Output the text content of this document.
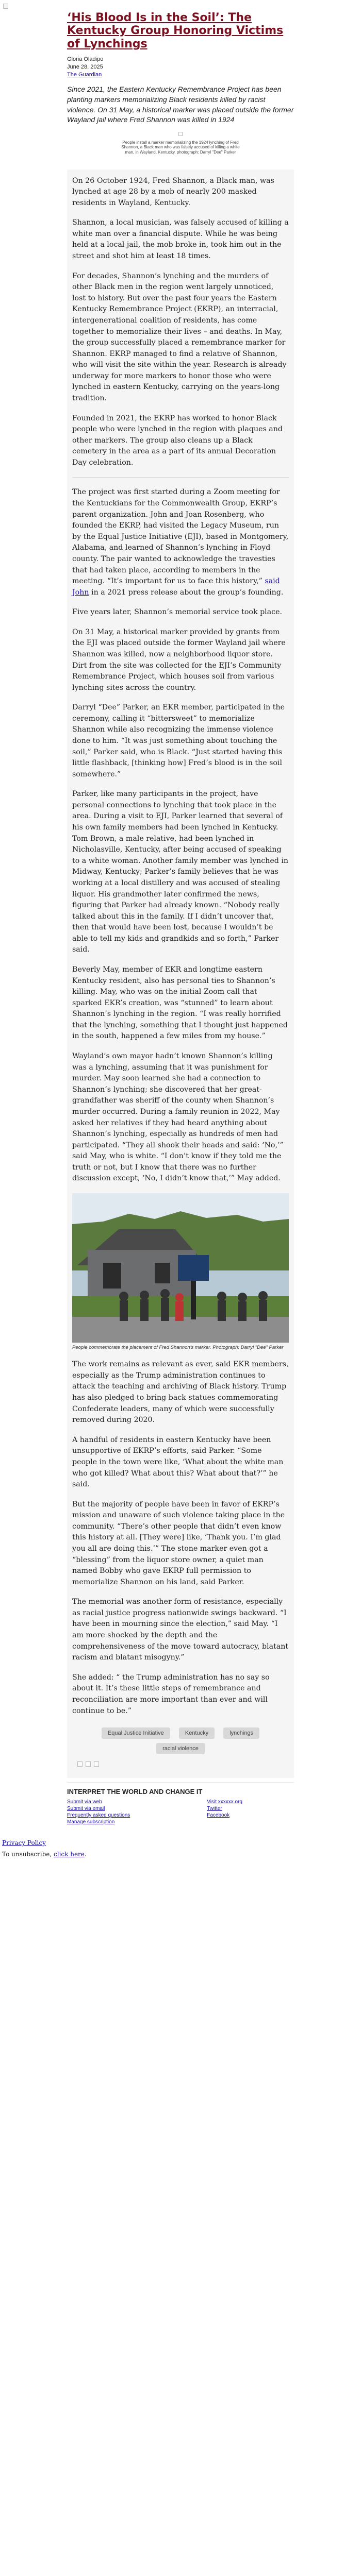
‘His Blood Is in the Soil’: The Kentucky Group Honoring Victims of Lynchings
Gloria Oladipo
June 28, 2025
The Guardian
Since 2021, the Eastern Kentucky Remembrance Project has been planting markers memorializing Black residents killed by racist violence. On 31 May, a historical marker was placed outside the former Wayland jail where Fred Shannon was killed in 1924
People install a marker memorializing the 1924 lynching of Fred Shannon, a Black man who was falsely accused of killing a white man, in Wayland, Kentucky. photograph: Darryl "Dee" Parker

On 26 October 1924, Fred Shannon, a Black man, was lynched at age 28 by a mob of nearly 200 masked residents in Wayland, Kentucky.

Shannon, a local musician, was falsely accused of killing a white man over a financial dispute. While he was being held at a local jail, the mob broke in, took him out in the street and shot him at least 18 times.

For decades, Shannon’s lynching and the murders of other Black men in the region went largely unnoticed, lost to history. But over the past four years the Eastern Kentucky Remembrance Project (EKRP), an interracial, intergenerational coalition of residents, has come together to memorialize their lives – and deaths. In May, the group successfully placed a remembrance marker for Shannon. EKRP managed to find a relative of Shannon, who will visit the site within the year. Research is already underway for more markers to honor those who were lynched in eastern Kentucky, carrying on the years-long tradition.

Founded in 2021, the EKRP has worked to honor Black people who were lynched in the region with plaques and other markers. The group also cleans up a Black cemetery in the area as a part of its annual Decoration Day celebration.

The project was first started during a Zoom meeting for the Kentuckians for the Commonwealth Group, EKRP’s parent organization. John and Joan Rosenberg, who founded the EKRP, had visited the Legacy Museum, run by the Equal Justice Initiative (EJI), based in Montgomery, Alabama, and learned of Shannon’s lynching in Floyd county. The pair wanted to acknowledge the travesties that had taken place, according to members in the meeting. “It’s important for us to face this history,” said John in a 2021 press release about the group’s founding.

Five years later, Shannon’s memorial service took place.

On 31 May, a historical marker provided by grants from the EJI was placed outside the former Wayland jail where Shannon was killed, now a neighborhood liquor store. Dirt from the site was collected for the EJI’s Community Remembrance Project, which houses soil from various lynching sites across the country.

Darryl “Dee” Parker, an EKR member, participated in the ceremony, calling it “bittersweet” to memorialize Shannon while also recognizing the immense violence done to him. “It was just something about touching the soil,” Parker said, who is Black. “Just started having this little flashback, [thinking how] Fred’s blood is in the soil somewhere.”

Parker, like many participants in the project, have personal connections to lynching that took place in the area. During a visit to EJI, Parker learned that several of his own family members had been lynched in Kentucky. Tom Brown, a male relative, had been lynched in Nicholasville, Kentucky, after being accused of speaking to a white woman. Another family member was lynched in Midway, Kentucky; Parker’s family believes that he was working at a local distillery and was accused of stealing liquor. His grandmother later confirmed the news, figuring that Parker had already known. “Nobody really talked about this in the family. If I didn’t uncover that, then that would have been lost, because I wouldn’t be able to tell my kids and grandkids and so forth,” Parker said.

Beverly May, member of EKR and longtime eastern Kentucky resident, also has personal ties to Shannon’s killing. May, who was on the initial Zoom call that sparked EKR’s creation, was “stunned” to learn about Shannon’s lynching in the region. “I was really horrified that the lynching, something that I thought just happened in the south, happened a few miles from my house.”

Wayland’s own mayor hadn’t known Shannon’s killing was a lynching, assuming that it was punishment for murder. May soon learned she had a connection to Shannon’s lynching; she discovered that her great-grandfather was sheriff of the county when Shannon’s murder occurred. During a family reunion in 2022, May asked her relatives if they had heard anything about Shannon’s lynching, especially as hundreds of men had participated. “They all shook their heads and said: ‘No,’” said May, who is white. “I don’t know if they told me the truth or not, but I know that there was no further discussion except, ‘No, I didn’t know that,’” May added.

People commemorate the placement of Fred Shannon's marker. Photograph: Darryl "Dee" Parker

The work remains as relevant as ever, said EKR members, especially as the Trump administration continues to attack the teaching and archiving of Black history. Trump has also pledged to bring back statues commemorating Confederate leaders, many of which were successfully removed during 2020.

A handful of residents in eastern Kentucky have been unsupportive of EKRP’s efforts, said Parker. “Some people in the town were like, ‘What about the white man who got killed? What about this? What about that?’” he said.

But the majority of people have been in favor of EKRP’s mission and unaware of such violence taking place in the community. “There’s other people that didn’t even know this history at all. [They were] like, ‘Thank you. I’m glad you all are doing this.’” The stone marker even got a “blessing” from the liquor store owner, a quiet man named Bobby who gave EKRP full permission to memorialize Shannon on his land, said Parker.

The memorial was another form of resistance, especially as racial justice progress nationwide swings backward. “I have been in mourning since the election,” said May. “I am more shocked by the depth and the comprehensiveness of the move toward autocracy, blatant racism and blatant misogyny.”

She added: “ the Trump administration has no say so about it. It’s these little steps of remembrance and reconciliation are more important than ever and will continue to be.”

Equal Justice Initiative	Kentucky	lynchings racial violence
INTERPRET THE WORLD AND CHANGE IT
Submit via web
Submit via email
Frequently asked questions
Manage subscription
Visit xxxxxx.org
Twitter
Facebook
Privacy Policy
To unsubscribe, click here.
